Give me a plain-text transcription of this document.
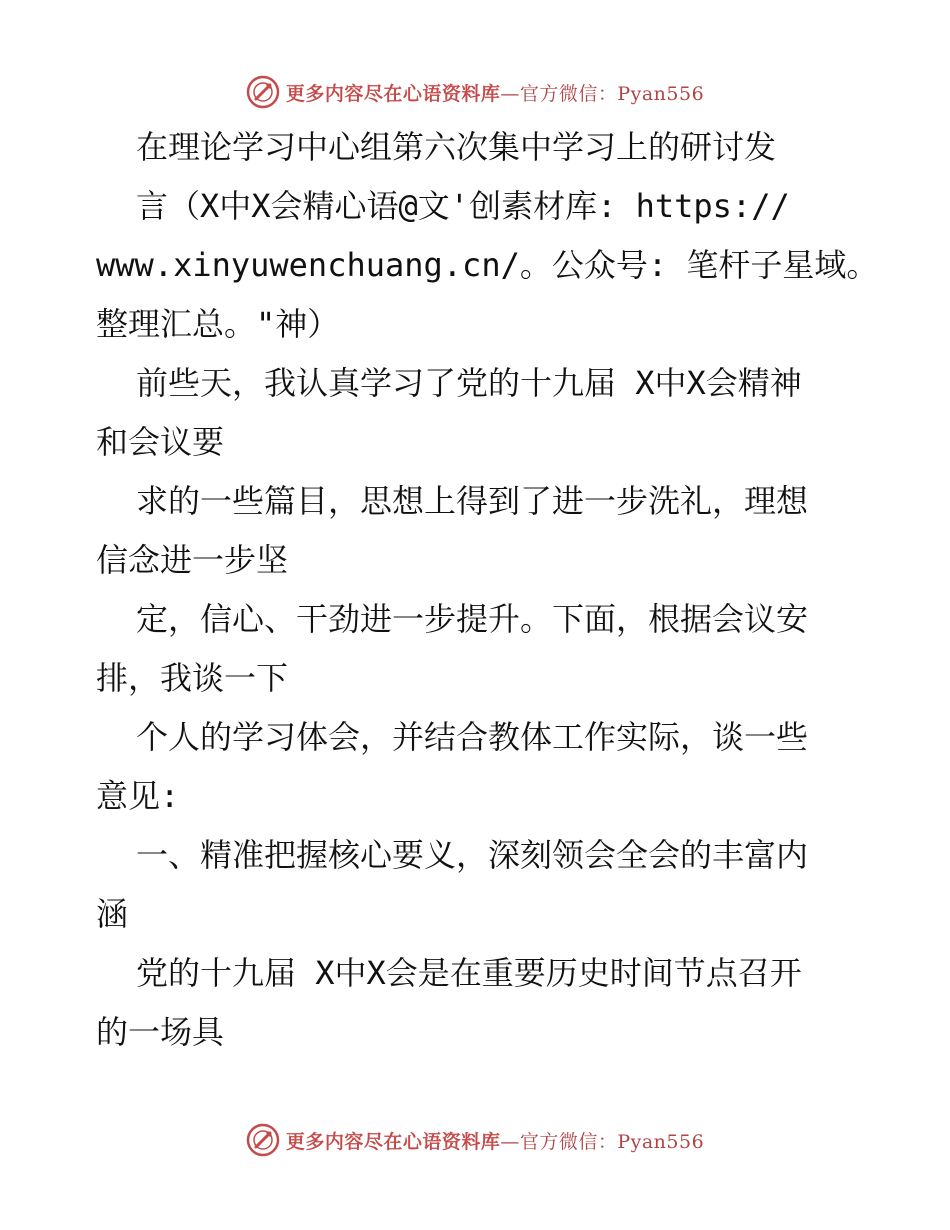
更多内容尽在心语资料库—官方微信：Pyan556
在理论学习中心组第六次集中学习上的研讨发
言（X中X会精心语@文'创素材库: https://
www.xinyuwenchuang.cn/。公众号: 笔杆子星域。
整理汇总。"神）
前些天，我认真学习了党的十九届 X中X会精神
和会议要
求的一些篇目，思想上得到了进一步洗礼，理想
信念进一步坚
定，信心、干劲进一步提升。下面，根据会议安
排，我谈一下
个人的学习体会，并结合教体工作实际，谈一些
意见:
一、精准把握核心要义，深刻领会全会的丰富内
涵
党的十九届 X中X会是在重要历史时间节点召开
的一场具
更多内容尽在心语资料库—官方微信：Pyan556
